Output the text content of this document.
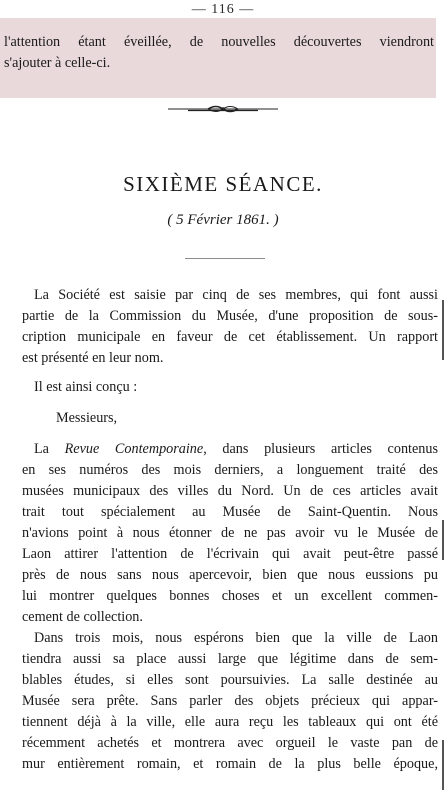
— 116 —
l'attention étant éveillée, de nouvelles découvertes viendront
s'ajouter à celle-ci.
SIXIÈME SÉANCE.
( 5 Février 1861. )
La Société est saisie par cinq de ses membres, qui font aussi
partie de la Commission du Musée, d'une proposition de sous-
cription municipale en faveur de cet établissement. Un rapport
est présenté en leur nom.
Il est ainsi conçu :
Messieurs,
La Revue Contemporaine, dans plusieurs articles contenus
en ses numéros des mois derniers, a longuement traité des
musées municipaux des villes du Nord. Un de ces articles avait
trait tout spécialement au Musée de Saint-Quentin. Nous
n'avions point à nous étonner de ne pas avoir vu le Musée de
Laon attirer l'attention de l'écrivain qui avait peut-être passé
près de nous sans nous apercevoir, bien que nous eussions pu
lui montrer quelques bonnes choses et un excellent commen-
cement de collection.
Dans trois mois, nous espérons bien que la ville de Laon
tiendra aussi sa place aussi large que légitime dans de sem-
blables études, si elles sont poursuivies. La salle destinée au
Musée sera prête. Sans parler des objets précieux qui appar-
tiennent déjà à la ville, elle aura reçu les tableaux qui ont été
récemment achetés et montrera avec orgueil le vaste pan de
mur entièrement romain, et romain de la plus belle époque,
